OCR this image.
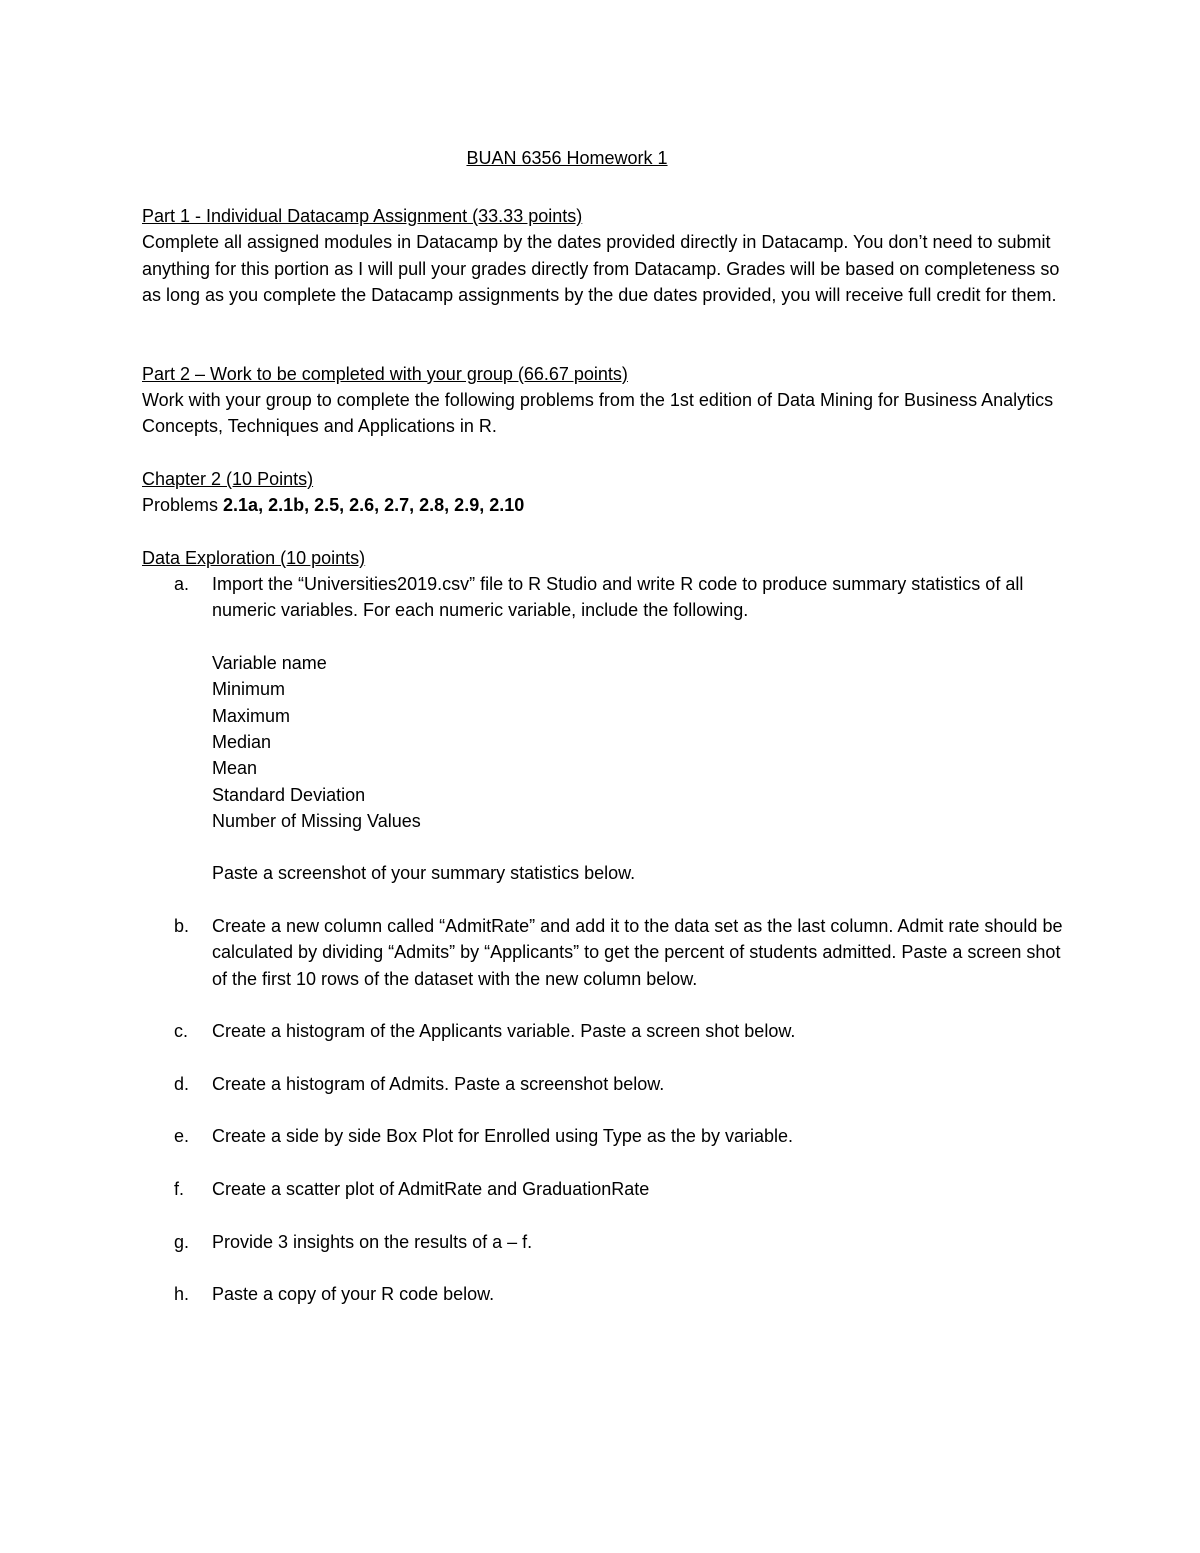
BUAN 6356 Homework 1

Part 1 - Individual Datacamp Assignment (33.33 points)

Complete all assigned modules in Datacamp by the dates provided directly in Datacamp. You don’t need to submit anything for this portion as I will pull your grades directly from Datacamp. Grades will be based on completeness so as long as you complete the Datacamp assignments by the due dates provided, you will receive full credit for them.

Part 2 – Work to be completed with your group (66.67 points)

Work with your group to complete the following problems from the 1st edition of Data Mining for Business Analytics Concepts, Techniques and Applications in R.

Chapter 2 (10 Points)

Problems 2.1a, 2.1b, 2.5, 2.6, 2.7, 2.8, 2.9, 2.10

Data Exploration (10 points)

a. Import the “Universities2019.csv” file to R Studio and write R code to produce summary statistics of all numeric variables. For each numeric variable, include the following.

Variable name
Minimum
Maximum
Median
Mean
Standard Deviation
Number of Missing Values

Paste a screenshot of your summary statistics below.

b. Create a new column called “AdmitRate” and add it to the data set as the last column. Admit rate should be calculated by dividing “Admits” by “Applicants” to get the percent of students admitted. Paste a screen shot of the first 10 rows of the dataset with the new column below.

c. Create a histogram of the Applicants variable. Paste a screen shot below.

d. Create a histogram of Admits. Paste a screenshot below.

e. Create a side by side Box Plot for Enrolled using Type as the by variable.

f. Create a scatter plot of AdmitRate and GraduationRate

g. Provide 3 insights on the results of a – f.

h. Paste a copy of your R code below.
